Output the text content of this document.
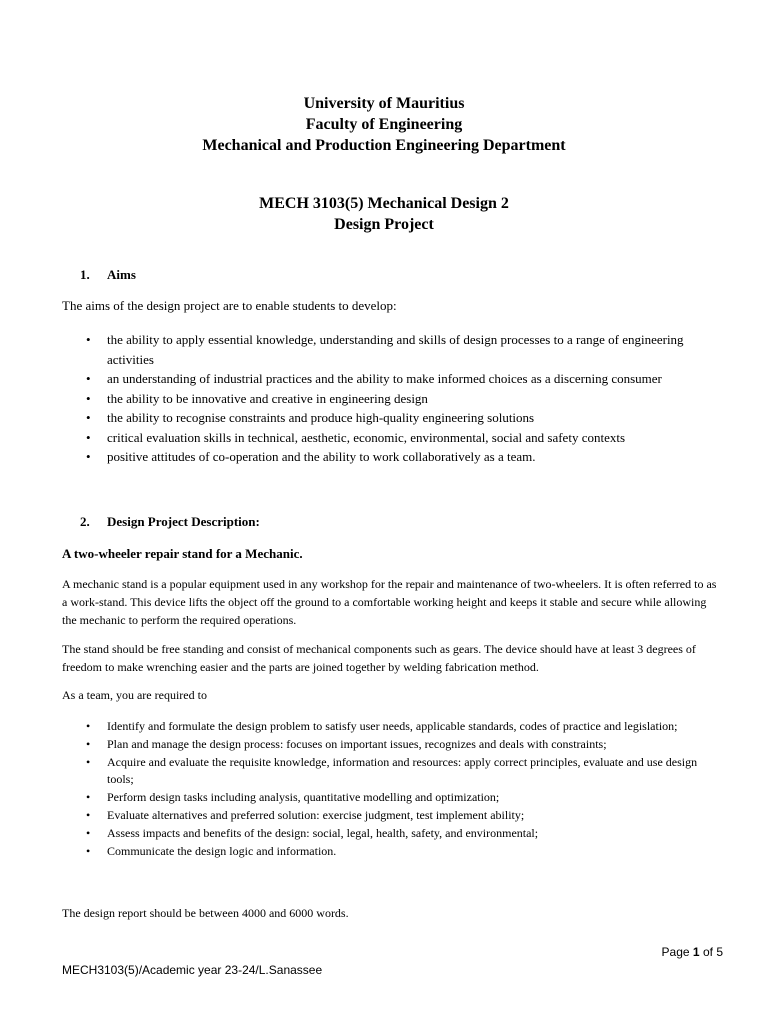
University of Mauritius
Faculty of Engineering
Mechanical and Production Engineering Department
MECH 3103(5) Mechanical Design 2
Design Project
1. Aims
The aims of the design project are to enable students to develop:
• the ability to apply essential knowledge, understanding and skills of design processes to a range of engineering activities
• an understanding of industrial practices and the ability to make informed choices as a discerning consumer
• the ability to be innovative and creative in engineering design
• the ability to recognise constraints and produce high-quality engineering solutions
• critical evaluation skills in technical, aesthetic, economic, environmental, social and safety contexts
• positive attitudes of co-operation and the ability to work collaboratively as a team.
2. Design Project Description:
A two-wheeler repair stand for a Mechanic.
A mechanic stand is a popular equipment used in any workshop for the repair and maintenance of two-wheelers. It is often referred to as a work-stand. This device lifts the object off the ground to a comfortable working height and keeps it stable and secure while allowing the mechanic to perform the required operations.
The stand should be free standing and consist of mechanical components such as gears. The device should have at least 3 degrees of freedom to make wrenching easier and the parts are joined together by welding fabrication method.
As a team, you are required to
• Identify and formulate the design problem to satisfy user needs, applicable standards, codes of practice and legislation;
• Plan and manage the design process: focuses on important issues, recognizes and deals with constraints;
• Acquire and evaluate the requisite knowledge, information and resources: apply correct principles, evaluate and use design tools;
• Perform design tasks including analysis, quantitative modelling and optimization;
• Evaluate alternatives and preferred solution: exercise judgment, test implement ability;
• Assess impacts and benefits of the design: social, legal, health, safety, and environmental;
• Communicate the design logic and information.
The design report should be between 4000 and 6000 words.
Page 1 of 5
MECH3103(5)/Academic year 23-24/L.Sanassee
